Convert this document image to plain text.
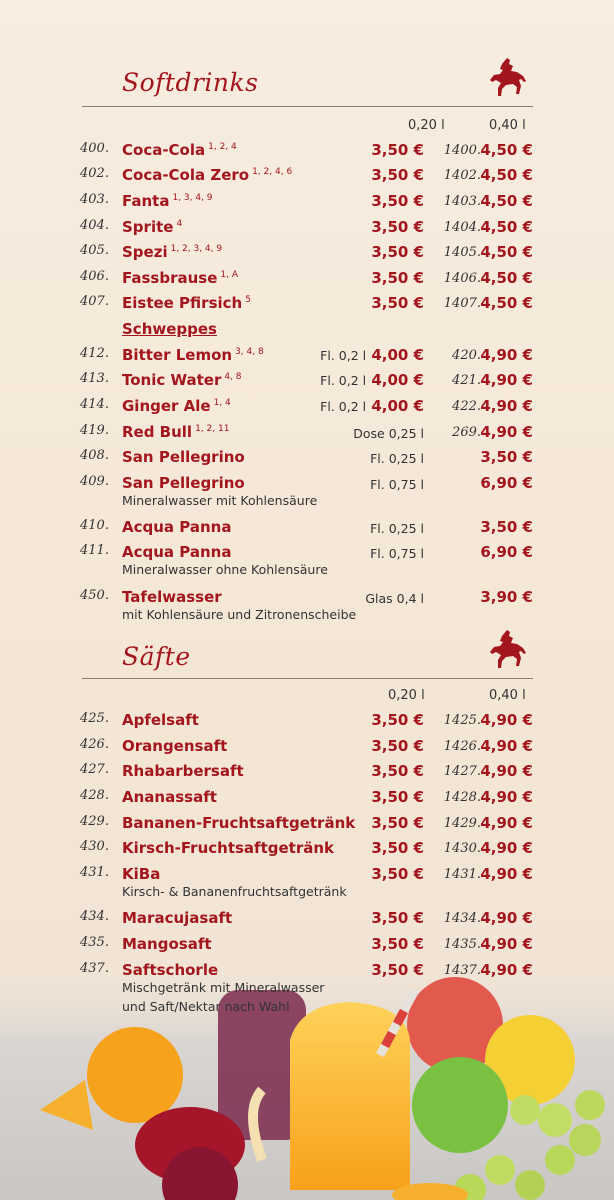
Softdrinks
0,20 l	0,40 l
400. Coca-Cola $^{1, 2, 4}$	3,50 € 1400. 4,50 €
402. Coca-Cola Zero $^{1, 2, 4, 6}$	3,50 € 1402. 4,50 €
403. Fanta $^{1, 3, 4, 9}$	3,50 € 1403. 4,50 €
404. Sprite $^4$	3,50 € 1404. 4,50 €
405. Spezi $^{1, 2, 3, 4, 9}$	3,50 € 1405. 4,50 €
406. Fassbrause $^{1, A}$	3,50 € 1406. 4,50 €
407. Eistee Pfirsich $^5$	3,50 € 1407. 4,50 €
Schweppes
412. Bitter Lemon $^{3, 4, 8}$	Fl. 0,2 l 4,00 € 420. 4,90 €
413. Tonic Water $^{4, 8}$	Fl. 0,2 l 4,00 € 421. 4,90 €
414. Ginger Ale $^{1, 4}$	Fl. 0,2 l 4,00 € 422. 4,90 €
419. Red Bull $^{1, 2, 11}$	Dose 0,25 l 269. 4,90 €
408. San Pellegrino	Fl. 0,25 l	3,50 €
409. San Pellegrino
Mineralwasser mit Kohlensäure
Fl. 0,75 l	6,90 €
410. Acqua Panna	Fl. 0,25 l	3,50 €
411. Acqua Panna
Mineralwasser ohne Kohlensäure
Fl. 0,75 l	6,90 €
450. Tafelwasser
mit Kohlensäure und Zitronenscheibe
Glas 0,4 l	3,90 €
Säfte
0,20 l	0,40 l
425. Apfelsaft	3,50 € 1425. 4,90 €
426. Orangensaft	3,50 € 1426. 4,90 €
427. Rhabarbersaft	3,50 € 1427. 4,90 €
428. Ananassaft	3,50 € 1428. 4,90 €
429. Bananen-Fruchtsaftgetränk 3,50 € 1429. 4,90 €
430. Kirsch-Fruchtsaftgetränk 3,50 € 1430. 4,90 €
431. KiBa
Kirsch- & Bananenfruchtsaftgetränk
3,50 € 1431. 4,90 €
434. Maracujasaft	3,50 € 1434. 4,90 €
435. Mangosaft	3,50 € 1435. 4,90 €
437. Saftschorle
Mischgetränk mit Mineralwasser
und Saft/Nektar nach Wahl
3,50 € 1437. 4,90 €
